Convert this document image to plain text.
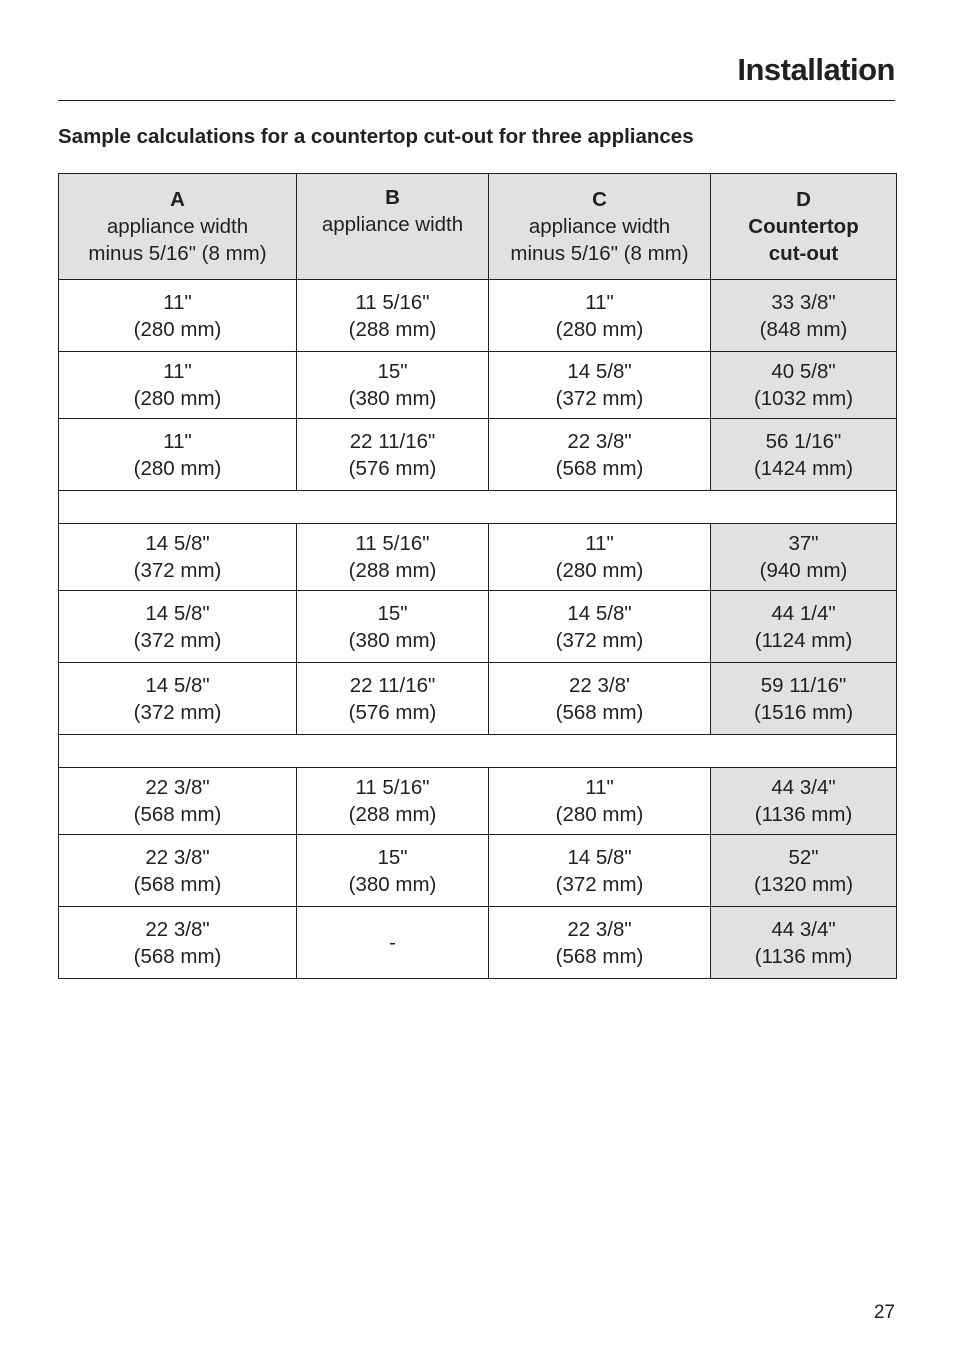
Installation
Sample calculations for a countertop cut-out for three appliances
A
appliance width
minus 5/16" (8 mm)	B
appliance width	C
appliance width
minus 5/16" (8 mm)	D
Countertop
cut-out

11"
(280 mm)	11 5/16"
(288 mm)	11"
(280 mm)	33 3/8"
(848 mm)

11"
(280 mm)	15"
(380 mm)	14 5/8"
(372 mm)	40 5/8"
(1032 mm)

11"
(280 mm)	22 11/16"
(576 mm)	22 3/8"
(568 mm)	56 1/16"
(1424 mm)

14 5/8"
(372 mm)	11 5/16"
(288 mm)	11"
(280 mm)	37"
(940 mm)

14 5/8"
(372 mm)	15"
(380 mm)	14 5/8"
(372 mm)	44 1/4"
(1124 mm)

14 5/8"
(372 mm)	22 11/16"
(576 mm)	22 3/8'
(568 mm)	59 11/16"
(1516 mm)

22 3/8"
(568 mm)	11 5/16"
(288 mm)	11"
(280 mm)	44 3/4"
(1136 mm)

22 3/8"
(568 mm)	15"
(380 mm)	14 5/8"
(372 mm)	52"
(1320 mm)

22 3/8"
(568 mm)	-	22 3/8"
(568 mm)	44 3/4"
(1136 mm)
27
